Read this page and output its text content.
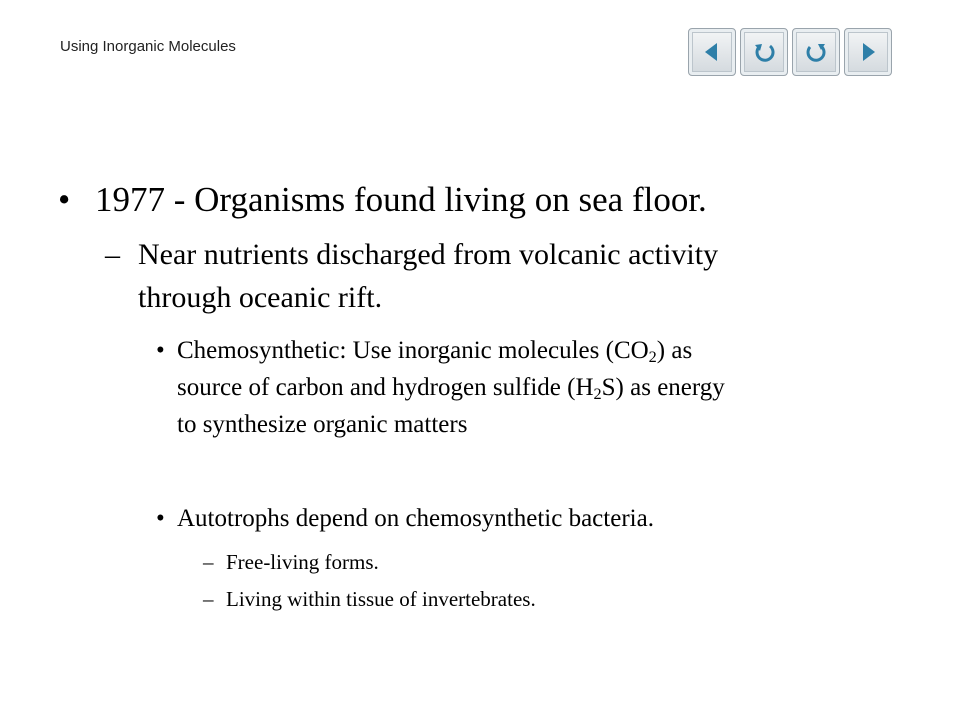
Using Inorganic Molecules
• 1977 - Organisms found living on sea floor.
– Near nutrients discharged from volcanic activity
through oceanic rift.
• Chemosynthetic: Use inorganic molecules $(CO_2)$ as
source of carbon and hydrogen sulfide $(H_2S)$ as energy
to synthesize organic matters
• Autotrophs depend on chemosynthetic bacteria.
– Free-living forms.
– Living within tissue of invertebrates.
